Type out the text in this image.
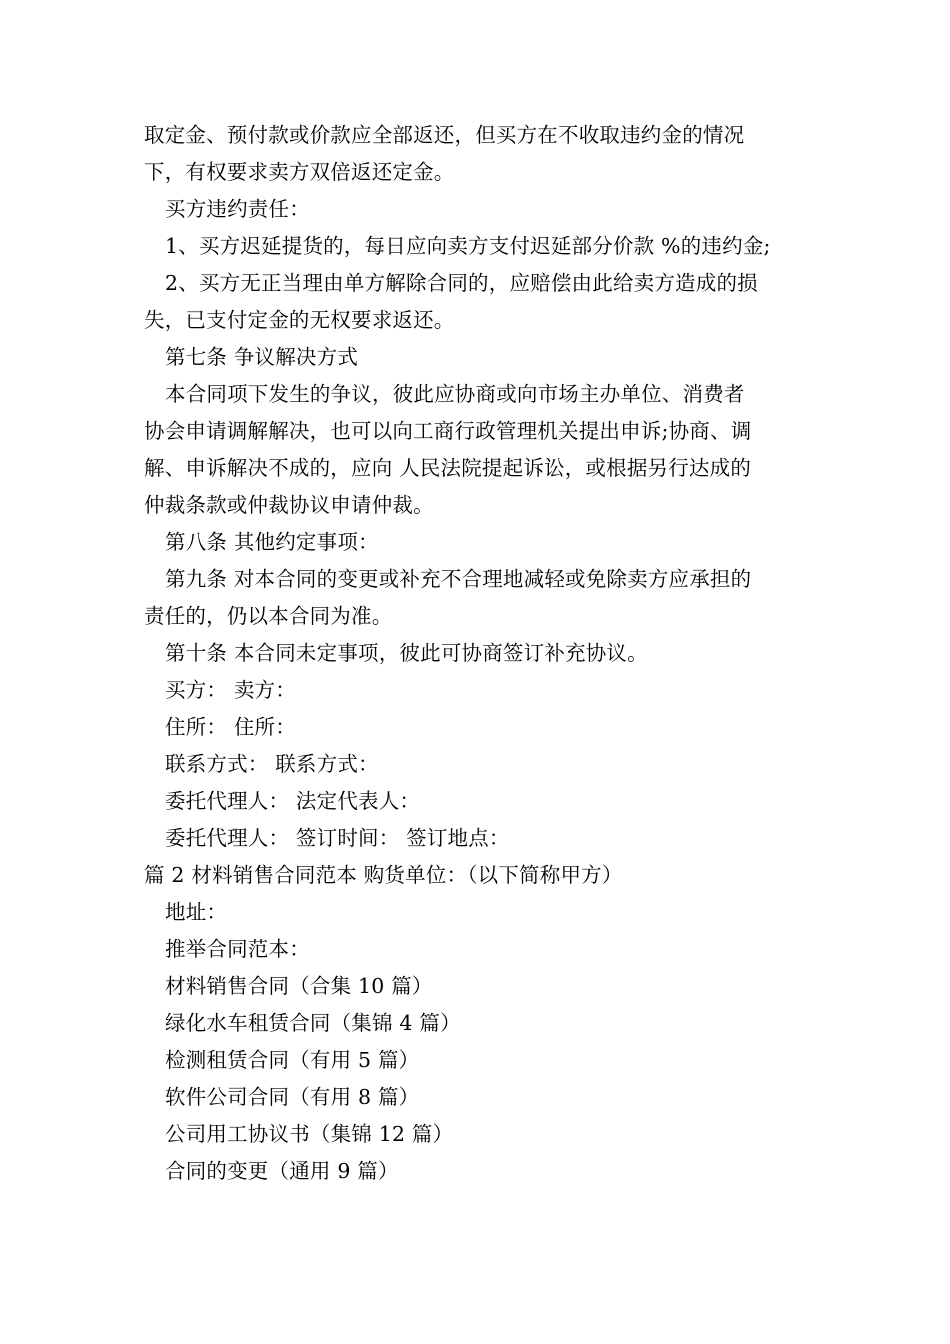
取定金、预付款或价款应全部返还，但买方在不收取违约金的情况
下，有权要求卖方双倍返还定金。
买方违约责任：
1、买方迟延提货的，每日应向卖方支付迟延部分价款 %的违约金;
2、买方无正当理由单方解除合同的，应赔偿由此给卖方造成的损
失，已支付定金的无权要求返还。
第七条 争议解决方式
本合同项下发生的争议，彼此应协商或向市场主办单位、消费者
协会申请调解解决，也可以向工商行政管理机关提出申诉;协商、调
解、申诉解决不成的，应向 人民法院提起诉讼，或根据另行达成的
仲裁条款或仲裁协议申请仲裁。
第八条 其他约定事项：
第九条 对本合同的变更或补充不合理地减轻或免除卖方应承担的
责任的，仍以本合同为准。
第十条 本合同未定事项，彼此可协商签订补充协议。
买方： 卖方：
住所： 住所：
联系方式： 联系方式：
委托代理人： 法定代表人：
委托代理人： 签订时间： 签订地点：
篇 2 材料销售合同范本 购货单位：（以下简称甲方）
地址：
推举合同范本：
材料销售合同（合集 10 篇）
绿化水车租赁合同（集锦 4 篇）
检测租赁合同（有用 5 篇）
软件公司合同（有用 8 篇）
公司用工协议书（集锦 12 篇）
合同的变更（通用 9 篇）
